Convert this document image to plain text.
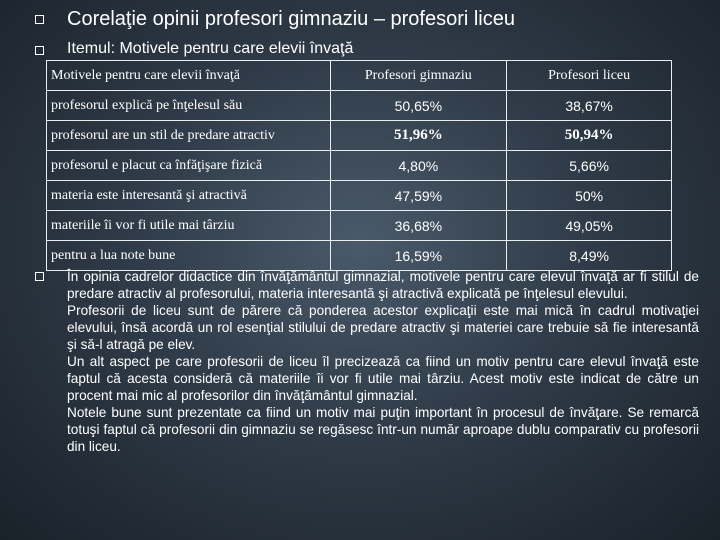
Corelaţie opinii profesori gimnaziu – profesori liceu
Itemul: Motivele pentru care elevii învaţă
Motivele pentru care elevii învaţă	Profesori gimnaziu	Profesori liceu
profesorul explică pe înţelesul său	50,65%	38,67%
profesorul are un stil de predare atractiv	51,96%	50,94%
profesorul e placut ca înfăţişare fizică	4,80%	5,66%
materia este interesantă şi atractivă	47,59%	50%
materiile îi vor fi utile mai târziu	36,68%	49,05%
pentru a lua note bune	16,59%	8,49%

În opinia cadrelor didactice din învăţământul gimnazial, motivele pentru care elevul învaţă ar fi stilul de predare atractiv al profesorului, materia interesantă şi atractivă explicată pe înţelesul elevului.

Profesorii de liceu sunt de părere că ponderea acestor explicaţii este mai mică în cadrul motivaţiei elevului, însă acordă un rol esenţial stilului de predare atractiv şi materiei care trebuie să fie interesantă şi să-l atragă pe elev.

Un alt aspect pe care profesorii de liceu îl precizează ca fiind un motiv pentru care elevul învaţă este faptul că acesta consideră că materiile îi vor fi utile mai târziu. Acest motiv este indicat de către un procent mai mic al profesorilor din învăţământul gimnazial.

Notele bune sunt prezentate ca fiind un motiv mai puţin important în procesul de învăţare. Se remarcă totuşi faptul că profesorii din gimnaziu se regăsesc într-un număr aproape dublu comparativ cu profesorii din liceu.
